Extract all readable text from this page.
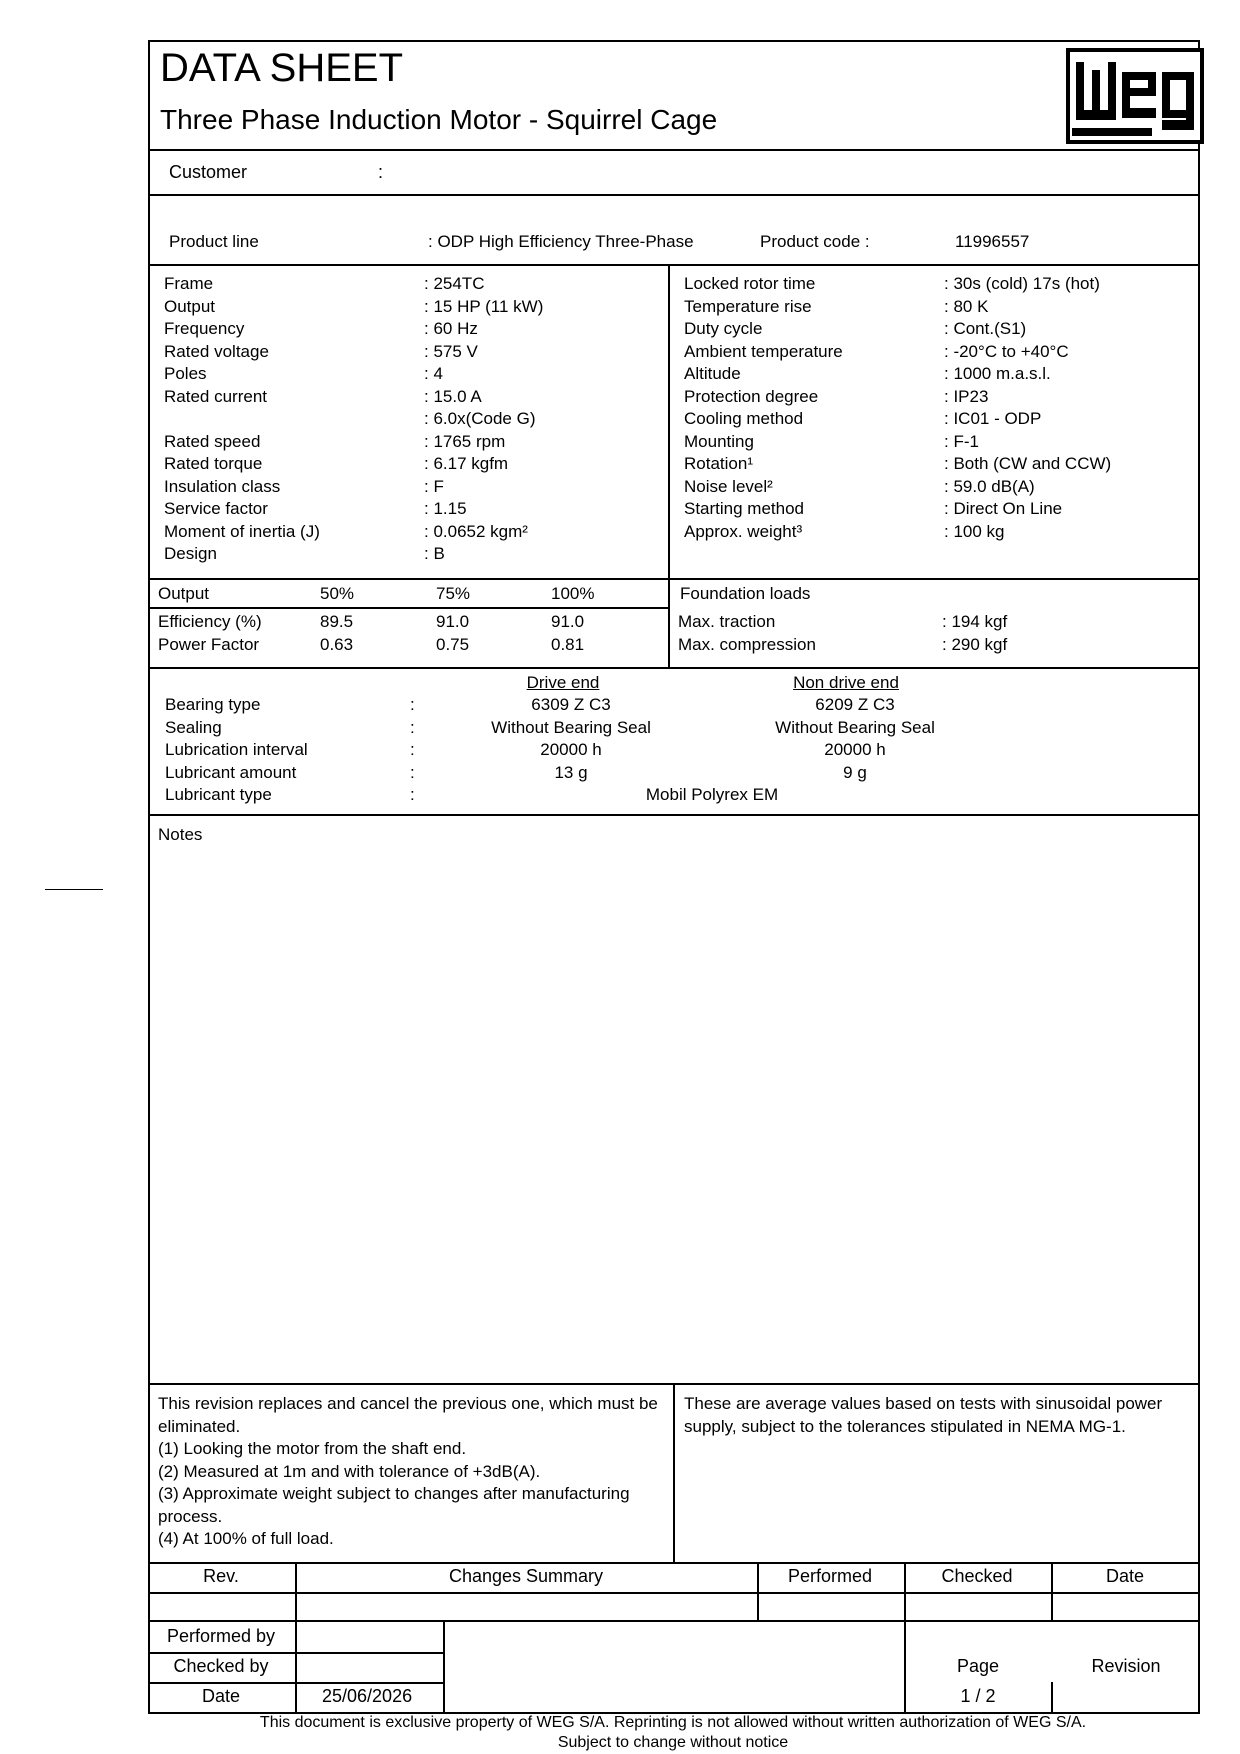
DATA SHEET
Three Phase Induction Motor - Squirrel Cage
Customer	:
Product line	: ODP High Efficiency Three-Phase	Product code :	11996557
Frame	: 254TC
Output	: 15 HP (11 kW)
Frequency	: 60 Hz
Rated voltage	: 575 V
Poles	: 4
Rated current	: 15.0 A
: 6.0x(Code G)
Rated speed	: 1765 rpm
Rated torque	: 6.17 kgfm
Insulation class	: F
Service factor	: 1.15
Moment of inertia (J)	: 0.0652 kgm²
Design	: B
Locked rotor time	: 30s (cold) 17s (hot)
Temperature rise	: 80 K
Duty cycle	: Cont.(S1)
Ambient temperature	: -20°C to +40°C
Altitude	: 1000 m.a.s.l.
Protection degree	: IP23
Cooling method	: IC01 - ODP
Mounting	: F-1
Rotation¹	: Both (CW and CCW)
Noise level²	: 59.0 dB(A)
Starting method	: Direct On Line
Approx. weight³	: 100 kg
Output	50%	75%	100%
Efficiency (%)	89.5	91.0	91.0
Power Factor	0.63	0.75	0.81
Foundation loads
Max. traction	: 194 kgf
Max. compression	: 290 kgf
Drive end	Non drive end
Bearing type	:	6309 Z C3	6209 Z C3
Sealing	:	Without Bearing Seal	Without Bearing Seal
Lubrication interval	:	20000 h	20000 h
Lubricant amount	:	13 g	9 g
Lubricant type	:	Mobil Polyrex EM
Notes
This revision replaces and cancel the previous one, which must be eliminated.
(1) Looking the motor from the shaft end.
(2) Measured at 1m and with tolerance of +3dB(A).
(3) Approximate weight subject to changes after manufacturing process.
(4) At 100% of full load.
These are average values based on tests with sinusoidal power supply, subject to the tolerances stipulated in NEMA MG-1.
Rev.	Changes Summary	Performed	Checked	Date
Performed by
Checked by
Date	25/06/2026
Page
1 / 2
Revision
This document is exclusive property of WEG S/A. Reprinting is not allowed without written authorization of WEG S/A.
Subject to change without notice
